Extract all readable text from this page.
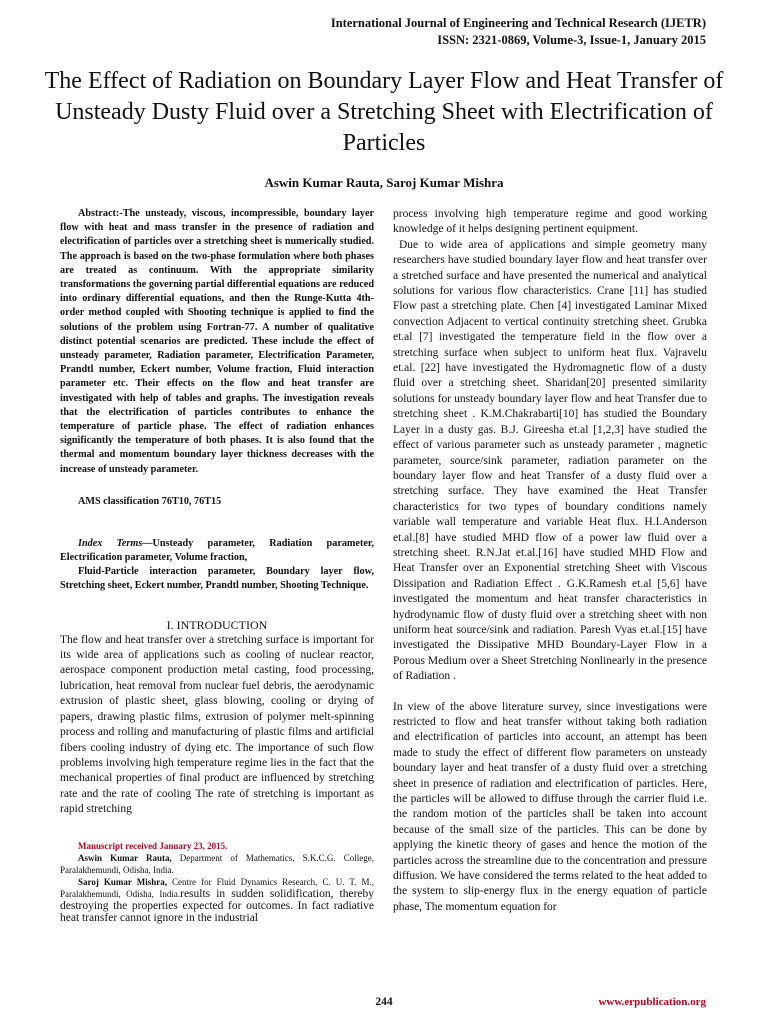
International Journal of Engineering and Technical Research (IJETR)
ISSN: 2321-0869, Volume-3, Issue-1, January 2015
The Effect of Radiation on Boundary Layer Flow and Heat Transfer of Unsteady Dusty Fluid over a Stretching Sheet with Electrification of Particles
Aswin Kumar Rauta, Saroj Kumar Mishra

Abstract:-The unsteady, viscous, incompressible, boundary layer flow with heat and mass transfer in the presence of radiation and electrification of particles over a stretching sheet is numerically studied. The approach is based on the two-phase formulation where both phases are treated as continuum. With the appropriate similarity transformations the governing partial differential equations are reduced into ordinary differential equations, and then the Runge-Kutta 4th-order method coupled with Shooting technique is applied to find the solutions of the problem using Fortran-77. A number of qualitative distinct potential scenarios are predicted. These include the effect of unsteady parameter, Radiation parameter, Electrification Parameter, Prandtl number, Eckert number, Volume fraction, Fluid interaction parameter etc. Their effects on the flow and heat transfer are investigated with help of tables and graphs. The investigation reveals that the electrification of particles contributes to enhance the temperature of particle phase. The effect of radiation enhances significantly the temperature of both phases. It is also found that the thermal and momentum boundary layer thickness decreases with the increase of unsteady parameter.

AMS classification 76T10, 76T15

Index Terms—Unsteady parameter, Radiation parameter, Electrification parameter, Volume fraction,

Fluid-Particle interaction parameter, Boundary layer flow, Stretching sheet, Eckert number, Prandtl number, Shooting Technique.

I. INTRODUCTION

The flow and heat transfer over a stretching surface is important for its wide area of applications such as cooling of nuclear reactor, aerospace component production metal casting, food processing, lubrication, heat removal from nuclear fuel debris, the aerodynamic extrusion of plastic sheet, glass blowing, cooling or drying of papers, drawing plastic films, extrusion of polymer melt-spinning process and rolling and manufacturing of plastic films and artificial fibers cooling industry of dying etc. The importance of such flow problems involving high temperature regime lies in the fact that the mechanical properties of final product are influenced by stretching rate and the rate of cooling The rate of stretching is important as rapid stretching

Manuscript received January 23, 2015.

Aswin Kumar Rauta, Department of Mathematics, S.K.C.G. College, Paralakhemundi, Odisha, India.

Saroj Kumar Mishra, Centre for Fluid Dynamics Research, C. U. T. M., Paralakhemundi, Odisha, India.results in sudden solidification, thereby destroying the properties expected for outcomes. In fact radiative heat transfer cannot ignore in the industrial

process involving high temperature regime and good working knowledge of it helps designing pertinent equipment.

Due to wide area of applications and simple geometry many researchers have studied boundary layer flow and heat transfer over a stretched surface and have presented the numerical and analytical solutions for various flow characteristics. Crane [11] has studied Flow past a stretching plate. Chen [4] investigated Laminar Mixed convection Adjacent to vertical continuity stretching sheet. Grubka et.al [7] investigated the temperature field in the flow over a stretching surface when subject to uniform heat flux. Vajravelu et.al. [22] have investigated the Hydromagnetic flow of a dusty fluid over a stretching sheet. Sharidan[20] presented similarity solutions for unsteady boundary layer flow and heat Transfer due to stretching sheet . K.M.Chakrabarti[10] has studied the Boundary Layer in a dusty gas. B.J. Gireesha et.al [1,2,3] have studied the effect of various parameter such as unsteady parameter , magnetic parameter, source/sink parameter, radiation parameter on the boundary layer flow and heat Transfer of a dusty fluid over a stretching surface. They have examined the Heat Transfer characteristics for two types of boundary conditions namely variable wall temperature and variable Heat flux. H.I.Anderson et.al.[8] have studied MHD flow of a power law fluid over a stretching sheet. R.N.Jat et.al.[16] have studied MHD Flow and Heat Transfer over an Exponential stretching Sheet with Viscous Dissipation and Radiation Effect . G.K.Ramesh et.al [5,6] have investigated the momentum and heat transfer characteristics in hydrodynamic flow of dusty fluid over a stretching sheet with non uniform heat source/sink and radiation. Paresh Vyas et.al.[15] have investigated the Dissipative MHD Boundary-Layer Flow in a Porous Medium over a Sheet Stretching Nonlinearly in the presence of Radiation .

In view of the above literature survey, since investigations were restricted to flow and heat transfer without taking both radiation and electrification of particles into account, an attempt has been made to study the effect of different flow parameters on unsteady boundary layer and heat transfer of a dusty fluid over a stretching sheet in presence of radiation and electrification of particles. Here, the particles will be allowed to diffuse through the carrier fluid i.e. the random motion of the particles shall be taken into account because of the small size of the particles. This can be done by applying the kinetic theory of gases and hence the motion of the particles across the streamline due to the concentration and pressure diffusion. We have considered the terms related to the heat added to the system to slip-energy flux in the energy equation of particle phase, The momentum equation for

244	www.erpublication.org
